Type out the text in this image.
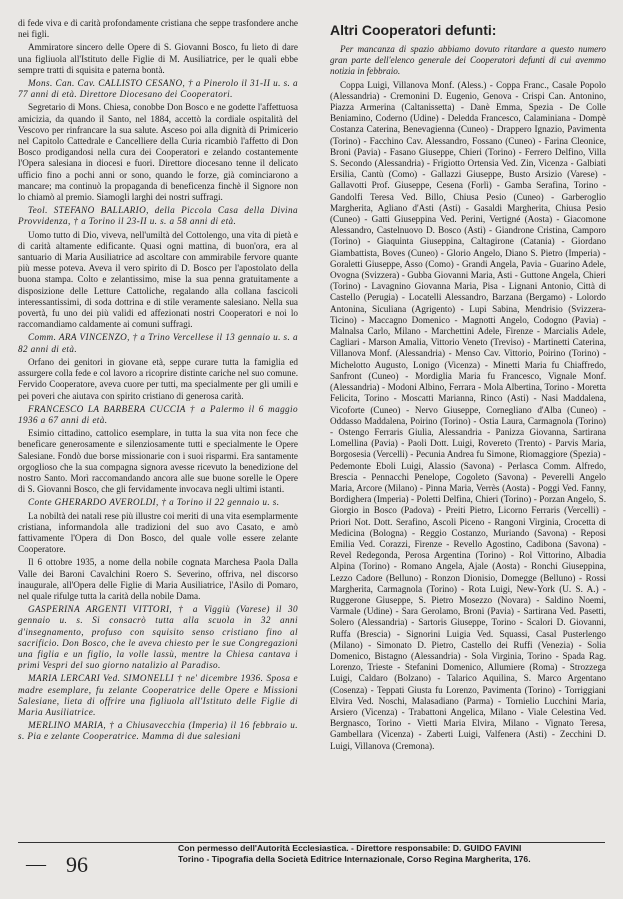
di fede viva e di carità profondamente cristiana che seppe trasfondere anche nei figli.

Ammiratore sincero delle Opere di S. Giovanni Bosco, fu lieto di dare una figliuola all'Istituto delle Figlie di M. Ausiliatrice, per le quali ebbe sempre tratti di squisita e paterna bontà.

Mons. Can. Cav. CALLISTO CESANO, † a Pinerolo il 31-II u. s. a 77 anni di età. Direttore Diocesano dei Cooperatori.

Segretario di Mons. Chiesa, conobbe Don Bosco e ne godette l'affettuosa amicizia, da quando il Santo, nel 1884, accettò la cordiale ospitalità del Vescovo per rinfrancare la sua salute. Asceso poi alla dignità di Primicerio nel Capitolo Cattedrale e Cancelliere della Curia ricambiò l'affetto di Don Bosco prodigandosi nella cura dei Cooperatori e zelando costantemente l'Opera salesiana in diocesi e fuori. Direttore diocesano tenne il delicato ufficio fino a pochi anni or sono, quando le forze, già cominciarono a mancare; ma continuò la propaganda di beneficenza finchè il Signore non lo chiamò al premio. Siamogli larghi dei nostri suffragi.

Teol. STEFANO BALLARIO, della Piccola Casa della Divina Provvidenza, † a Torino il 23-II u. s. a 58 anni di età.

Uomo tutto di Dio, viveva, nell'umiltà del Cottolengo, una vita di pietà e di carità altamente edificante. Quasi ogni mattina, di buon'ora, era al santuario di Maria Ausiliatrice ad ascoltare con ammirabile fervore quante più messe poteva. Aveva il vero spirito di D. Bosco per l'apostolato della buona stampa. Colto e zelantissimo, mise la sua penna gratuitamente a disposizione delle Letture Cattoliche, regalando alla collana fascicoli interessantissimi, di soda dottrina e di stile veramente salesiano. Nella sua povertà, fu uno dei più validi ed affezionati nostri Cooperatori e noi lo raccomandiamo caldamente ai comuni suffragi.

Comm. ARA VINCENZO, † a Trino Vercellese il 13 gennaio u. s. a 82 anni di età.

Orfano dei genitori in giovane età, seppe curare tutta la famiglia ed assurgere colla fede e col lavoro a ricoprire distinte cariche nel suo comune. Fervido Cooperatore, aveva cuore per tutti, ma specialmente per gli umili e pei poveri che aiutava con spirito cristiano di generosa carità.

FRANCESCO LA BARBERA CUCCIA † a Palermo il 6 maggio 1936 a 67 anni di età.

Esimio cittadino, cattolico esemplare, in tutta la sua vita non fece che beneficare generosamente e silenziosamente tutti e specialmente le Opere Salesiane. Fondò due borse missionarie con i suoi risparmi. Era santamente orgoglioso che la sua compagna signora avesse ricevuto la benedizione del nostro Santo. Morì raccomandando ancora alle sue buone sorelle le Opere di S. Giovanni Bosco, che gli fervidamente invocava negli ultimi istanti.

Conte GHERARDO AVEROLDI, † a Torino il 22 gennaio u. s.

La nobiltà dei natali rese più illustre coi meriti di una vita esemplarmente cristiana, informandola alle tradizioni del suo avo Casato, e amò fattivamente l'Opera di Don Bosco, del quale volle essere zelante Cooperatore.

Il 6 ottobre 1935, a nome della nobile cognata Marchesa Paola Dalla Valle dei Baroni Cavalchini Roero S. Severino, offriva, nel discorso inaugurale, all'Opera delle Figlie di Maria Ausiliatrice, l'Asilo di Pomaro, nel quale rifulge tutta la carità della nobile Dama.

GASPERINA ARGENTI VITTORI, † a Viggiù (Varese) il 30 gennaio u. s. Si consacrò tutta alla scuola in 32 anni d'insegnamento, profuso con squisito senso cristiano fino al sacrificio. Don Bosco, che le aveva chiesto per le sue Congregazioni una figlia e un figlio, la volle lassù, mentre la Chiesa cantava i primi Vespri del suo giorno natalizio al Paradiso.

MARIA LERCARI Ved. SIMONELLI † ne' dicembre 1936. Sposa e madre esemplare, fu zelante Cooperatrice delle Opere e Missioni Salesiane, lieta di offrire una figliuola all'Istituto delle Figlie di Maria Ausiliatrice.

MERLINO MARIA, † a Chiusavecchia (Imperia) il 16 febbraio u. s. Pia e zelante Cooperatrice. Mamma di due salesiani

Altri Cooperatori defunti:

Per mancanza di spazio abbiamo dovuto ritardare a questo numero gran parte dell'elenco generale dei Cooperatori defunti di cui avemmo notizia in febbraio.

Coppa Luigi, Villanova Monf. (Aless.) - Coppa Franc., Casale Popolo (Alessandria) - Cremonini D. Eugenio, Genova - Crispi Can. Antonino, Piazza Armerina (Caltanissetta) - Danè Emma, Spezia - De Colle Beniamino, Coderno (Udine) - Deledda Francesco, Calaminiana - Dompè Costanza Caterina, Benevagienna (Cuneo) - Drappero Ignazio, Pavimenta (Torino) - Facchino Cav. Alessandro, Fossano (Cuneo) - Farina Cleonice, Broni (Pavia) - Fasano Giuseppe, Chieri (Torino) - Ferrero Delfino, Villa S. Secondo (Alessandria) - Frigiotto Ortensia Ved. Zin, Vicenza - Galbiati Ersilia, Cantù (Como) - Gallazzi Giuseppe, Busto Arsizio (Varese) - Gallavotti Prof. Giuseppe, Cesena (Forlì) - Gamba Serafina, Torino - Gandolfi Teresa Ved. Billo, Chiusa Pesio (Cuneo) - Garberoglio Margherita, Agliano d'Asti (Asti) - Gasaldi Margherita, Chiusa Pesio (Cuneo) - Gatti Giuseppina Ved. Perini, Vertigné (Aosta) - Giacomone Alessandro, Castelnuovo D. Bosco (Asti) - Giandrone Cristina, Camporo (Torino) - Giaquinta Giuseppina, Caltagirone (Catania) - Giordano Giambattista, Boves (Cuneo) - Glorio Angelo, Diano S. Pietro (Imperia) - Goraletti Giuseppe, Asso (Como) - Grandi Angela, Pavia - Guarino Adele, Ovogna (Svizzera) - Gubba Giovanni Maria, Asti - Guttone Angela, Chieri (Torino) - Lavagnino Giovanna Maria, Pisa - Lignani Antonio, Città di Castello (Perugia) - Locatelli Alessandro, Barzana (Bergamo) - Lolordo Antonina, Siculiana (Agrigento) - Lupi Sabina, Mendrisio (Svizzera-Ticino) - Maccagno Domenico - Magnotti Angelo, Codogno (Pavia) - Malnalsa Carlo, Milano - Marchettini Adele, Firenze - Marcialis Adele, Cagliari - Marson Amalia, Vittorio Veneto (Treviso) - Martinetti Caterina, Villanova Monf. (Alessandria) - Menso Cav. Vittorio, Poirino (Torino) - Michelotto Augusto, Lonigo (Vicenza) - Minetti Maria fu Chiaffredo, Sanfront (Cuneo) - Mordiglia Maria fu Francesco, Vignale Monf. (Alessandria) - Modoni Albino, Ferrara - Mola Albertina, Torino - Moretta Felicita, Torino - Moscatti Marianna, Rinco (Asti) - Nasi Maddalena, Vicoforte (Cuneo) - Nervo Giuseppe, Cornegliano d'Alba (Cuneo) - Oddasso Maddalena, Poirino (Torino) - Ostia Laura, Carmagnola (Torino) - Ostengo Ferraris Giulia, Alessandria - Panizza Giovanna, Sartirana Lomellina (Pavia) - Paoli Dott. Luigi, Rovereto (Trento) - Parvis Maria, Borgosesia (Vercelli) - Pecunia Andrea fu Simone, Riomaggiore (Spezia) - Pedemonte Eboli Luigi, Alassio (Savona) - Perlasca Comm. Alfredo, Brescia - Pennacchi Penelope, Cogoleto (Savona) - Peverelli Angelo Maria, Arcore (Milano) - Pinna Maria, Verrès (Aosta) - Poggi Ved. Fanny, Bordighera (Imperia) - Poletti Delfina, Chieri (Torino) - Porzan Angelo, S. Giorgio in Bosco (Padova) - Preiti Pietro, Licorno Ferraris (Vercelli) - Priori Not. Dott. Serafino, Ascoli Piceno - Rangoni Virginia, Crocetta di Medicina (Bologna) - Reggio Costanzo, Muriando (Savona) - Reposi Emilia Ved. Corazzi, Firenze - Revello Agostino, Cadibona (Savona) - Revel Redegonda, Perosa Argentina (Torino) - Rol Vittorino, Albadia Alpina (Torino) - Romano Angela, Ajale (Aosta) - Ronchi Giuseppina, Lezzo Cadore (Belluno) - Ronzon Dionisio, Domegge (Belluno) - Rossi Margherita, Carmagnola (Torino) - Rota Luigi, New-York (U. S. A.) - Ruggerone Giuseppe, S. Pietro Mosezzo (Novara) - Saldino Noemi, Varmale (Udine) - Sara Gerolamo, Broni (Pavia) - Sartirana Ved. Pasetti, Solero (Alessandria) - Sartoris Giuseppe, Torino - Scalori D. Giovanni, Ruffa (Brescia) - Signorini Luigia Ved. Squassi, Casal Pusterlengo (Milano) - Simonato D. Pietro, Castello dei Ruffi (Venezia) - Solia Domenico, Bistagno (Alessandria) - Sola Virginia, Torino - Spada Rag. Lorenzo, Trieste - Stefanini Domenico, Allumiere (Roma) - Strozzega Luigi, Caldaro (Bolzano) - Talarico Aquilina, S. Marco Argentano (Cosenza) - Teppati Giusta fu Lorenzo, Pavimenta (Torino) - Torriggiani Elvira Ved. Noschi, Malasadiano (Parma) - Tornielio Lucchini Maria, Arsiero (Vicenza) - Trabattoni Angelica, Milano - Viale Celestina Ved. Bergnasco, Torino - Vietti Maria Elvira, Milano - Vignato Teresa, Gambellara (Vicenza) - Zaberti Luigi, Valfenera (Asti) - Zecchini D. Luigi, Villanova (Cremona).

— 96
Con permesso dell'Autorità Ecclesiastica. - Direttore responsabile: D. GUIDO FAVINI
Torino - Tipografia della Società Editrice Internazionale, Corso Regina Margherita, 176.
